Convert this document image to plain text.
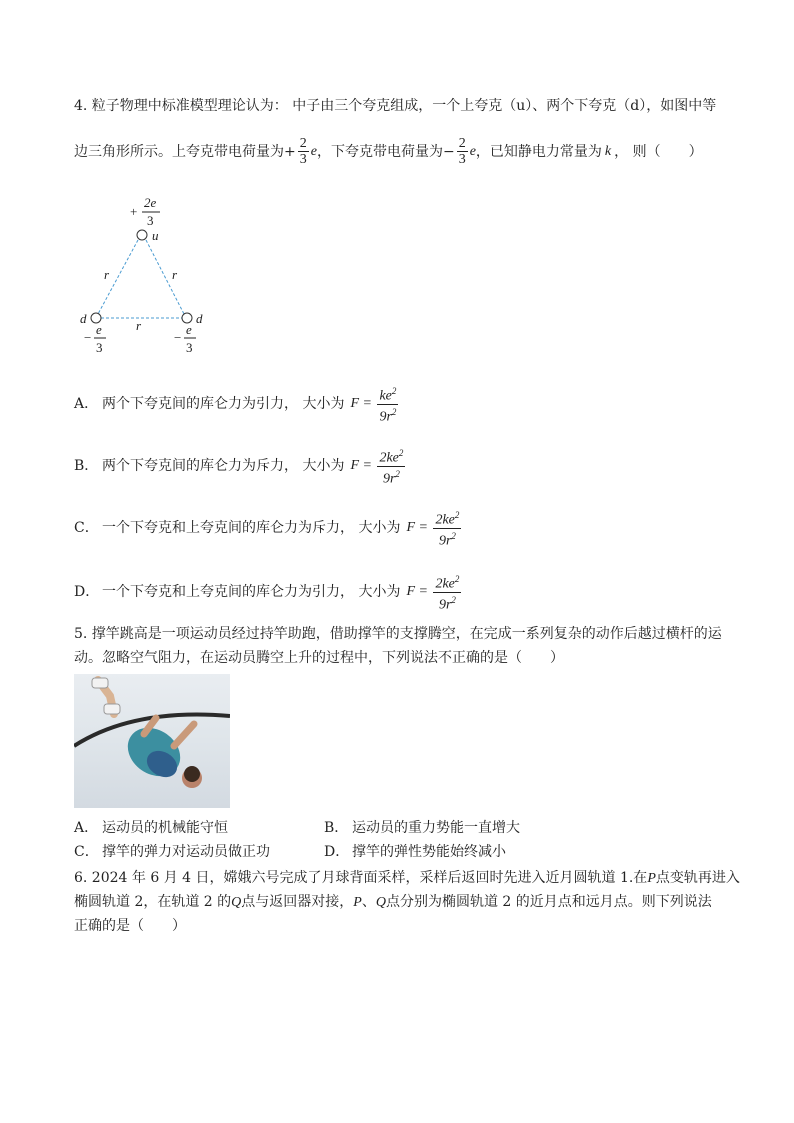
4. 粒子物理中标准模型理论认为： 中子由三个夸克组成，一个上夸克（u）、两个下夸克（d），如图中等
边三角形所示。上夸克带电荷量为+ $\frac{2}{3}$ e ，下夸克带电荷量为− $\frac{2}{3}$ e ，已知静电力常量为 k ， 则（　　）
+
2e
3
u
d	d
r	r
r
−
e
3
−
e
3
A． 两个下夸克间的库仑力为引力， 大小为 $F = \frac{ke^2}{9r^2}$
B． 两个下夸克间的库仑力为斥力， 大小为 $F = \frac{2ke^2}{9r^2}$
C． 一个下夸克和上夸克间的库仑力为斥力， 大小为 $F = \frac{2ke^2}{9r^2}$
D． 一个下夸克和上夸克间的库仑力为引力， 大小为 $F = \frac{2ke^2}{9r^2}$
5. 撑竿跳高是一项运动员经过持竿助跑，借助撑竿的支撑腾空，在完成一系列复杂的动作后越过横杆的运
动。忽略空气阻力，在运动员腾空上升的过程中，下列说法不正确的是（　　）
A． 运动员的机械能守恒	B． 运动员的重力势能一直增大
C． 撑竿的弹力对运动员做正功	D． 撑竿的弹性势能始终减小
6. 2024 年 6 月 4 日，嫦娥六号完成了月球背面采样，采样后返回时先进入近月圆轨道 1.在P点变轨再进入
椭圆轨道 2，在轨道 2 的Q点与返回器对接，P、Q点分别为椭圆轨道 2 的近月点和远月点。则下列说法
正确的是（　　）
